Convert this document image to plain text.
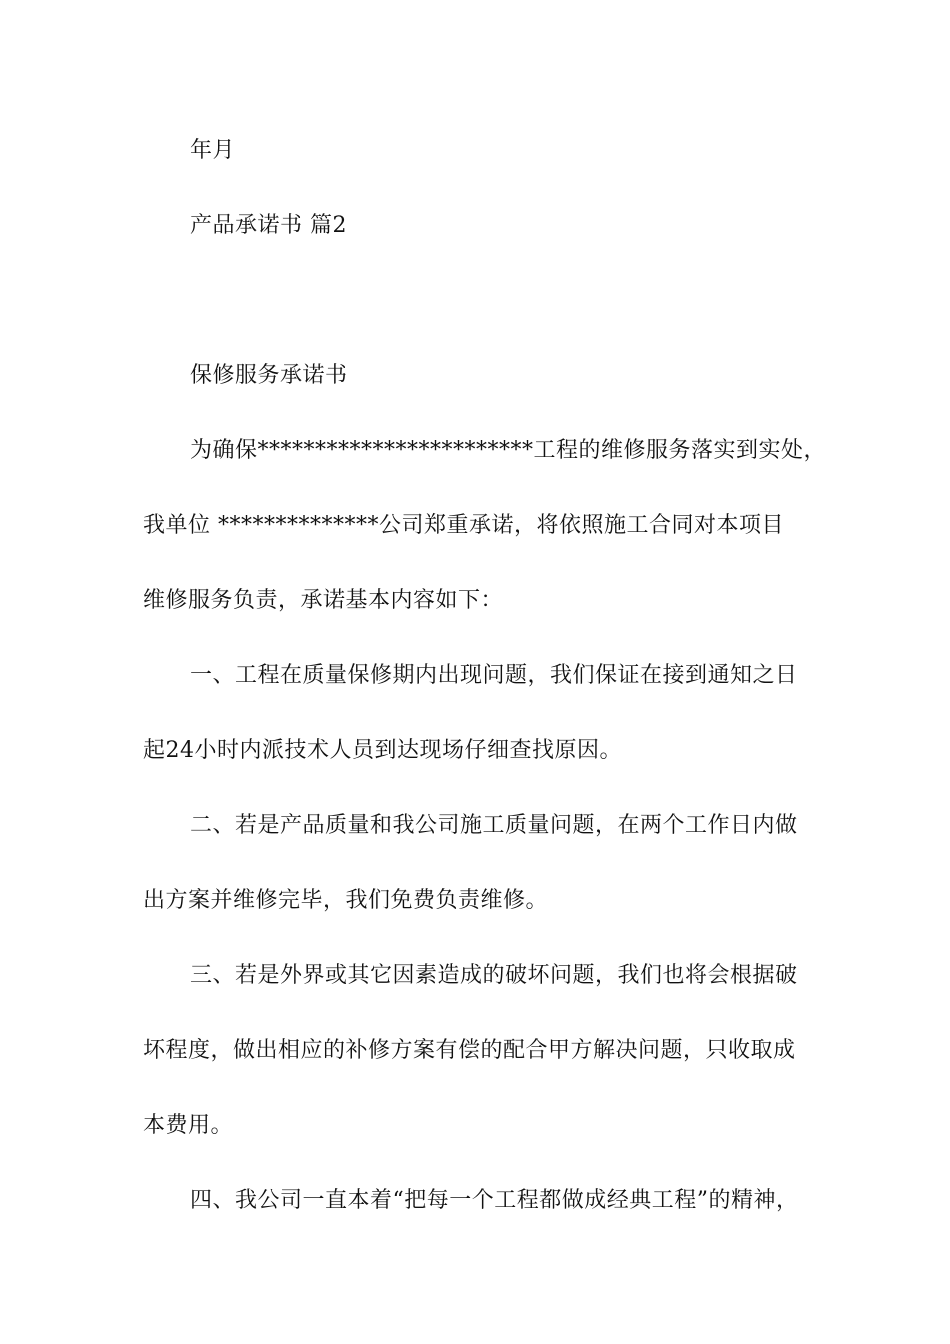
年月
产品承诺书 篇2
保修服务承诺书
为确保************************工程的维修服务落实到实处，
我单位 **************公司郑重承诺，将依照施工合同对本项目
维修服务负责，承诺基本内容如下：
一、工程在质量保修期内出现问题，我们保证在接到通知之日
起24小时内派技术人员到达现场仔细查找原因。
二、若是产品质量和我公司施工质量问题，在两个工作日内做
出方案并维修完毕，我们免费负责维修。
三、若是外界或其它因素造成的破坏问题，我们也将会根据破
坏程度，做出相应的补修方案有偿的配合甲方解决问题，只收取成
本费用。
四、我公司一直本着“把每一个工程都做成经典工程”的精神，
